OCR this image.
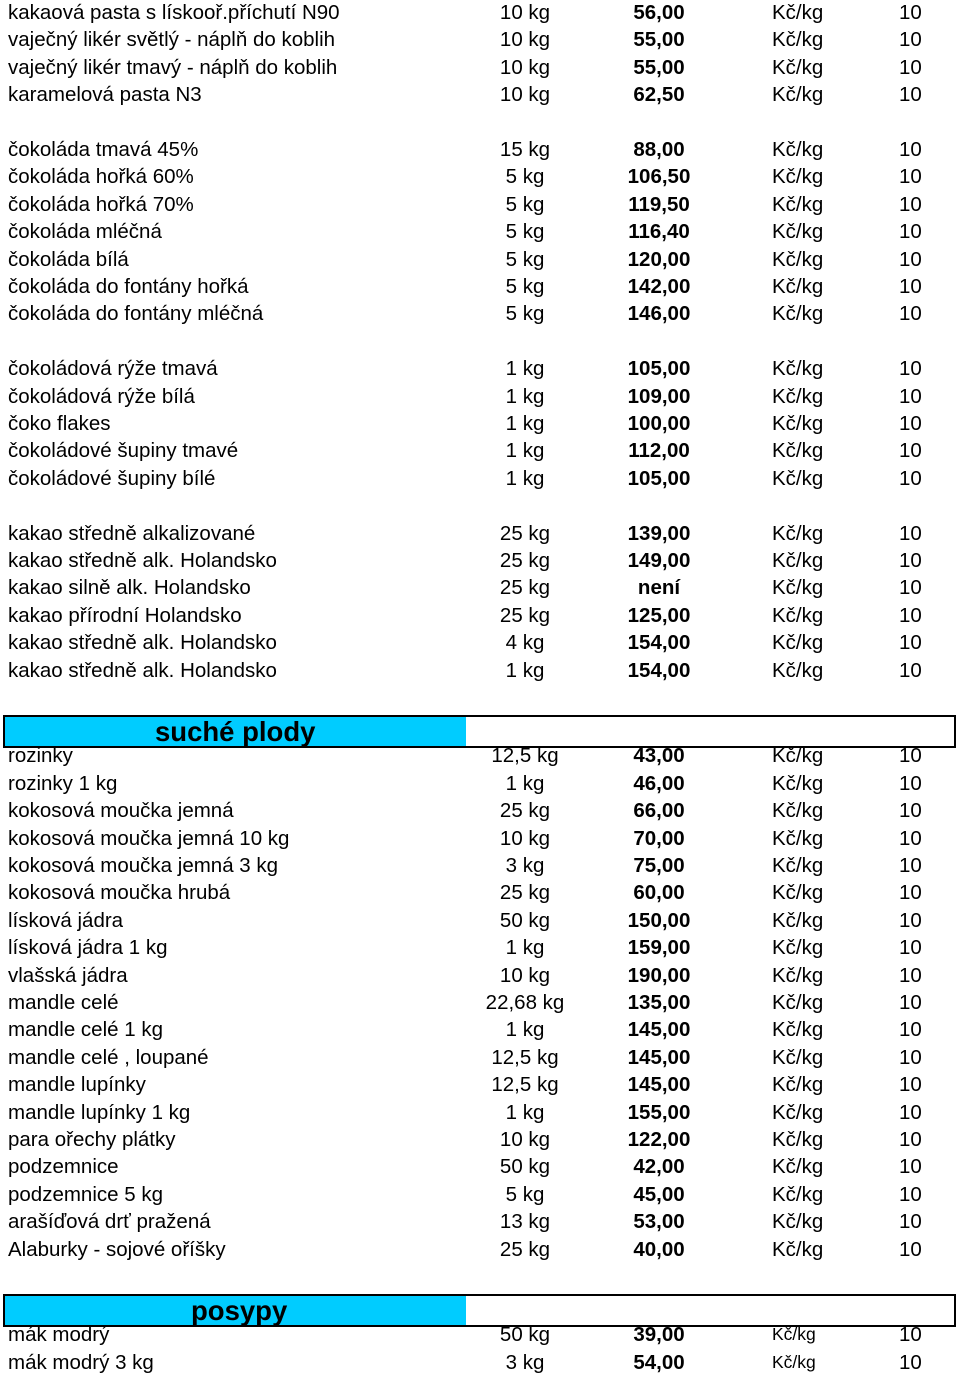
kakaová pasta s lískooř.příchutí N90	10 kg	56,00	Kč/kg	10
vaječný likér světlý - náplň do koblih	10 kg	55,00	Kč/kg	10
vaječný likér tmavý - náplň do koblih	10 kg	55,00	Kč/kg	10
karamelová pasta N3	10 kg	62,50	Kč/kg	10
čokoláda tmavá 45%	15 kg	88,00	Kč/kg	10
čokoláda hořká 60%	5 kg	106,50	Kč/kg	10
čokoláda hořká 70%	5 kg	119,50	Kč/kg	10
čokoláda mléčná	5 kg	116,40	Kč/kg	10
čokoláda bílá	5 kg	120,00	Kč/kg	10
čokoláda do fontány hořká	5 kg	142,00	Kč/kg	10
čokoláda do fontány mléčná	5 kg	146,00	Kč/kg	10
čokoládová rýže tmavá	1 kg	105,00	Kč/kg	10
čokoládová rýže bílá	1 kg	109,00	Kč/kg	10
čoko flakes	1 kg	100,00	Kč/kg	10
čokoládové šupiny tmavé	1 kg	112,00	Kč/kg	10
čokoládové šupiny bílé	1 kg	105,00	Kč/kg	10
kakao středně alkalizované	25 kg	139,00	Kč/kg	10
kakao středně alk. Holandsko	25 kg	149,00	Kč/kg	10
kakao silně alk. Holandsko	25 kg	není	Kč/kg	10
kakao přírodní Holandsko	25 kg	125,00	Kč/kg	10
kakao středně alk. Holandsko	4 kg	154,00	Kč/kg	10
kakao středně alk. Holandsko	1 kg	154,00	Kč/kg	10
suché plody
rozinky	12,5 kg	43,00	Kč/kg	10
rozinky 1 kg	1 kg	46,00	Kč/kg	10
kokosová moučka jemná	25 kg	66,00	Kč/kg	10
kokosová moučka jemná 10 kg	10 kg	70,00	Kč/kg	10
kokosová moučka jemná 3 kg	3 kg	75,00	Kč/kg	10
kokosová moučka hrubá	25 kg	60,00	Kč/kg	10
lísková jádra	50 kg	150,00	Kč/kg	10
lísková jádra 1 kg	1 kg	159,00	Kč/kg	10
vlašská jádra	10 kg	190,00	Kč/kg	10
mandle celé	22,68 kg	135,00	Kč/kg	10
mandle celé 1 kg	1 kg	145,00	Kč/kg	10
mandle celé , loupané	12,5 kg	145,00	Kč/kg	10
mandle lupínky	12,5 kg	145,00	Kč/kg	10
mandle lupínky 1 kg	1 kg	155,00	Kč/kg	10
para ořechy plátky	10 kg	122,00	Kč/kg	10
podzemnice	50 kg	42,00	Kč/kg	10
podzemnice 5 kg	5 kg	45,00	Kč/kg	10
arašíďová drť pražená	13 kg	53,00	Kč/kg	10
Alaburky - sojové oříšky	25 kg	40,00	Kč/kg	10
posypy
mák modrý	50 kg	39,00	Kč/kg	10
mák modrý 3 kg	3 kg	54,00	Kč/kg	10
